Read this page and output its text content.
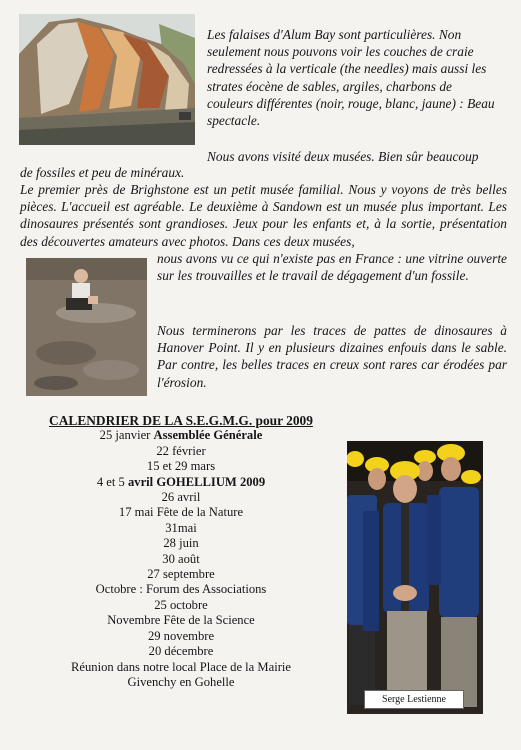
Les falaises d'Alum Bay sont particulières. Non seulement nous pouvons voir les couches de craie redressées à la verticale (the needles) mais aussi les strates éocène de sables, argiles, charbons de couleurs différentes (noir, rouge, blanc, jaune) : Beau spectacle.

Nous avons visité deux musées. Bien sûr beaucoup

de fossiles et peu de minéraux.

Le premier près de Brighstone est un petit musée familial. Nous y voyons de très belles pièces. L'accueil est agréable. Le deuxième à Sandown est un musée plus important. Les dinosaures présentés sont grandioses. Jeux pour les enfants et, à la sortie, présentation des découvertes amateurs avec photos. Dans ces deux musées,

nous avons vu ce qui n'existe pas en France : une vitrine ouverte sur les trouvailles et le travail de dégagement d'un fossile.

Nous terminerons par les traces de pattes de dinosaures à Hanover Point. Il y en plusieurs dizaines enfouis dans le sable. Par contre, les belles traces en creux sont rares car érodées par l'érosion.

CALENDRIER DE LA S.E.G.M.G. pour 2009
25 janvier Assemblée Générale
22 février
15 et 29 mars
4 et 5 avril GOHELLIUM 2009
26 avril
17 mai Fête de la Nature
31mai
28 juin
30 août
27 septembre
Octobre : Forum des Associations
25 octobre
Novembre Fête de la Science
29 novembre
20 décembre
Réunion dans notre local Place de la Mairie
Givenchy en Gohelle
Serge Lestienne
